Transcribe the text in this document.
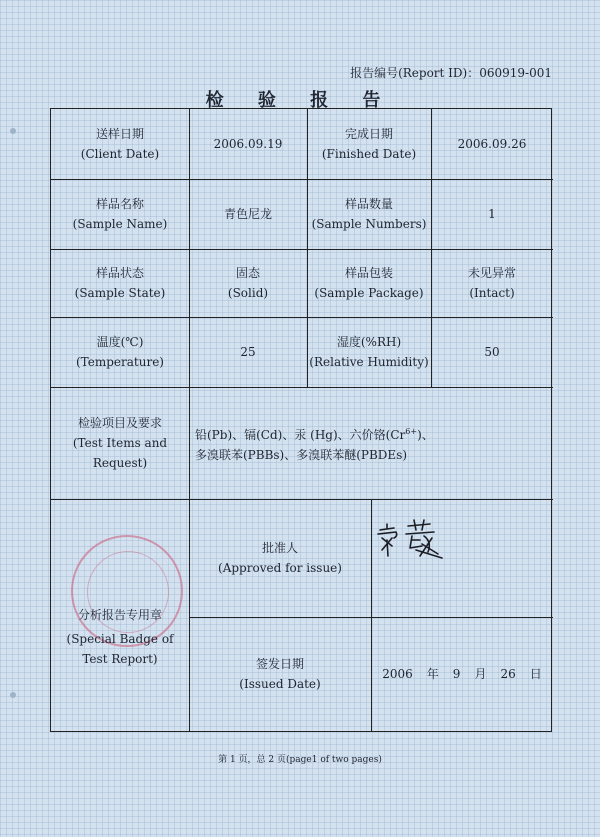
报告编号(Report ID)：060919-001
检 验 报 告
送样日期
(Client Date)
2006.09.19
完成日期
(Finished Date)
2006.09.26
样品名称
(Sample Name)
青色尼龙
样品数量
(Sample Numbers)
1
样品状态
(Sample State)
固态
(Solid)
样品包装
(Sample Package)
未见异常
(Intact)
温度(℃)
(Temperature)
25
湿度(%RH)
(Relative Humidity)
50
检验项目及要求
(Test Items and Request)
铅(Pb)、镉(Cd)、汞 (Hg)、六价铬$(Cr^{6+})$、
多溴联苯(PBBs)、多溴联苯醚(PBDEs)
分析报告专用章
(Special Badge of
Test Report)
批准人
(Approved for issue)
签发日期
(Issued Date)
2006 年 9 月 26 日
第 1 页，总 2 页(page1 of two pages)
